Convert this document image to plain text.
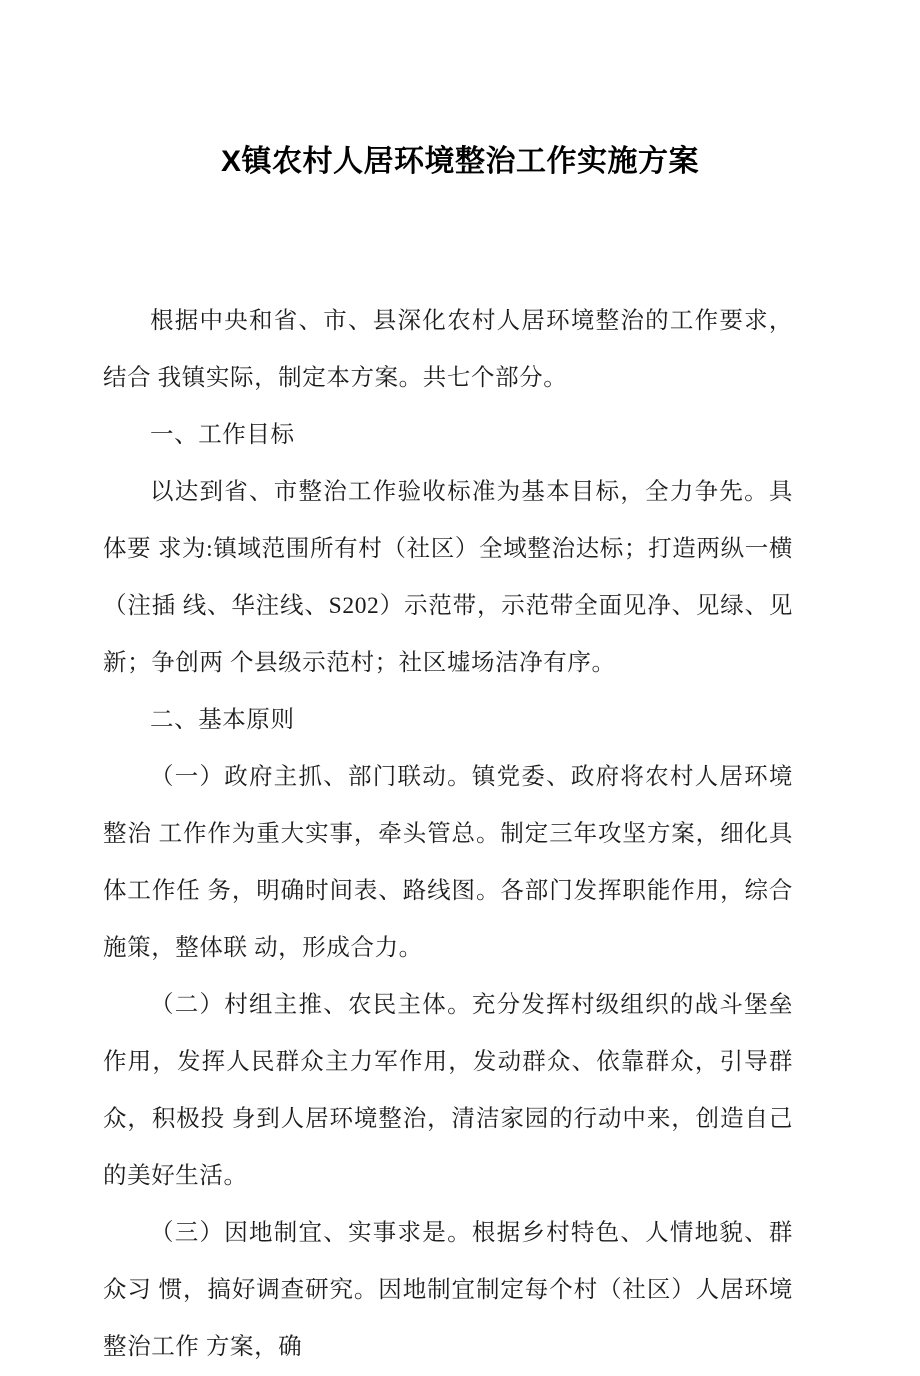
X镇农村人居环境整治工作实施方案

根据中央和省、市、县深化农村人居环境整治的工作要求，结合 我镇实际，制定本方案。共七个部分。

一、工作目标

以达到省、市整治工作验收标准为基本目标，全力争先。具体要 求为:镇域范围所有村（社区）全域整治达标；打造两纵一横（注插 线、华注线、S202）示范带，示范带全面见净、见绿、见新；争创两 个县级示范村；社区墟场洁净有序。

二、基本原则

（一）政府主抓、部门联动。镇党委、政府将农村人居环境整治 工作作为重大实事，牵头管总。制定三年攻坚方案，细化具体工作任 务，明确时间表、路线图。各部门发挥职能作用，综合施策，整体联 动，形成合力。

（二）村组主推、农民主体。充分发挥村级组织的战斗堡垒作用，发挥人民群众主力军作用，发动群众、依靠群众，引导群众，积极投 身到人居环境整治，清洁家园的行动中来，创造自己的美好生活。

（三）因地制宜、实事求是。根据乡村特色、人情地貌、群众习 惯，搞好调查研究。因地制宜制定每个村（社区）人居环境整治工作 方案，确
